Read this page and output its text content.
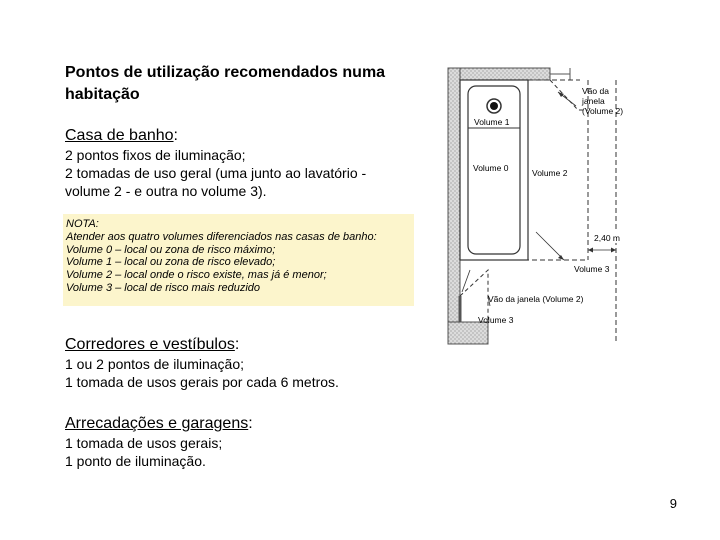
Pontos de utilização recomendados numa habitação
Casa de banho:
2 pontos fixos de iluminação;
2 tomadas de uso geral (uma junto ao lavatório -
volume 2 - e outra no volume 3).
NOTA:
Atender aos quatro volumes diferenciados nas casas de banho:
Volume 0 – local ou zona de risco máximo;
Volume 1 – local ou zona de risco elevado;
Volume 2 – local onde o risco existe, mas já é menor;
Volume 3 – local de risco mais reduzido
Corredores e vestíbulos:
1 ou 2 pontos de iluminação;
1 tomada de usos gerais por cada 6 metros.
Arrecadações e garagens:
1 tomada de usos gerais;
1 ponto de iluminação.
Vão da
janela
(Volume 2)
Volume 1
Volume 0	Volume 2
2,40 m
Volume 3
Vão da janela (Volume 2)
Volume 3
9
